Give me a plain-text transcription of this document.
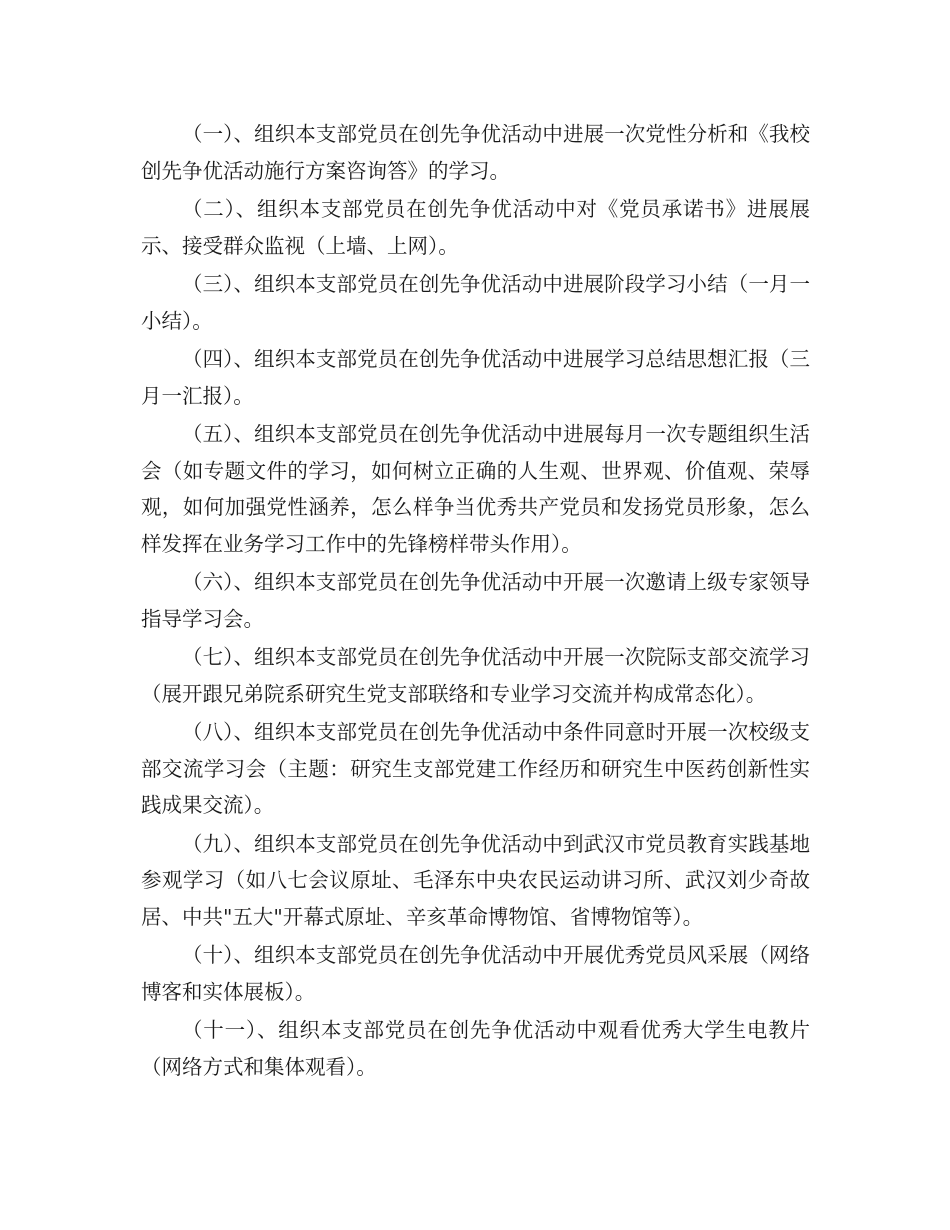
（一）、组织本支部党员在创先争优活动中进展一次党性分析和《我校创先争优活动施行方案咨询答》的学习。

（二）、组织本支部党员在创先争优活动中对《党员承诺书》进展展示、接受群众监视（上墙、上网）。

（三）、组织本支部党员在创先争优活动中进展阶段学习小结（一月一小结）。

（四）、组织本支部党员在创先争优活动中进展学习总结思想汇报（三月一汇报）。

（五）、组织本支部党员在创先争优活动中进展每月一次专题组织生活会（如专题文件的学习，如何树立正确的人生观、世界观、价值观、荣辱观，如何加强党性涵养，怎么样争当优秀共产党员和发扬党员形象，怎么样发挥在业务学习工作中的先锋榜样带头作用）。

（六）、组织本支部党员在创先争优活动中开展一次邀请上级专家领导指导学习会。

（七）、组织本支部党员在创先争优活动中开展一次院际支部交流学习（展开跟兄弟院系研究生党支部联络和专业学习交流并构成常态化）。

（八）、组织本支部党员在创先争优活动中条件同意时开展一次校级支部交流学习会（主题：研究生支部党建工作经历和研究生中医药创新性实践成果交流）。

（九）、组织本支部党员在创先争优活动中到武汉市党员教育实践基地参观学习（如八七会议原址、毛泽东中央农民运动讲习所、武汉刘少奇故居、中共"五大"开幕式原址、辛亥革命博物馆、省博物馆等）。

（十）、组织本支部党员在创先争优活动中开展优秀党员风采展（网络博客和实体展板）。

（十一）、组织本支部党员在创先争优活动中观看优秀大学生电教片（网络方式和集体观看）。
